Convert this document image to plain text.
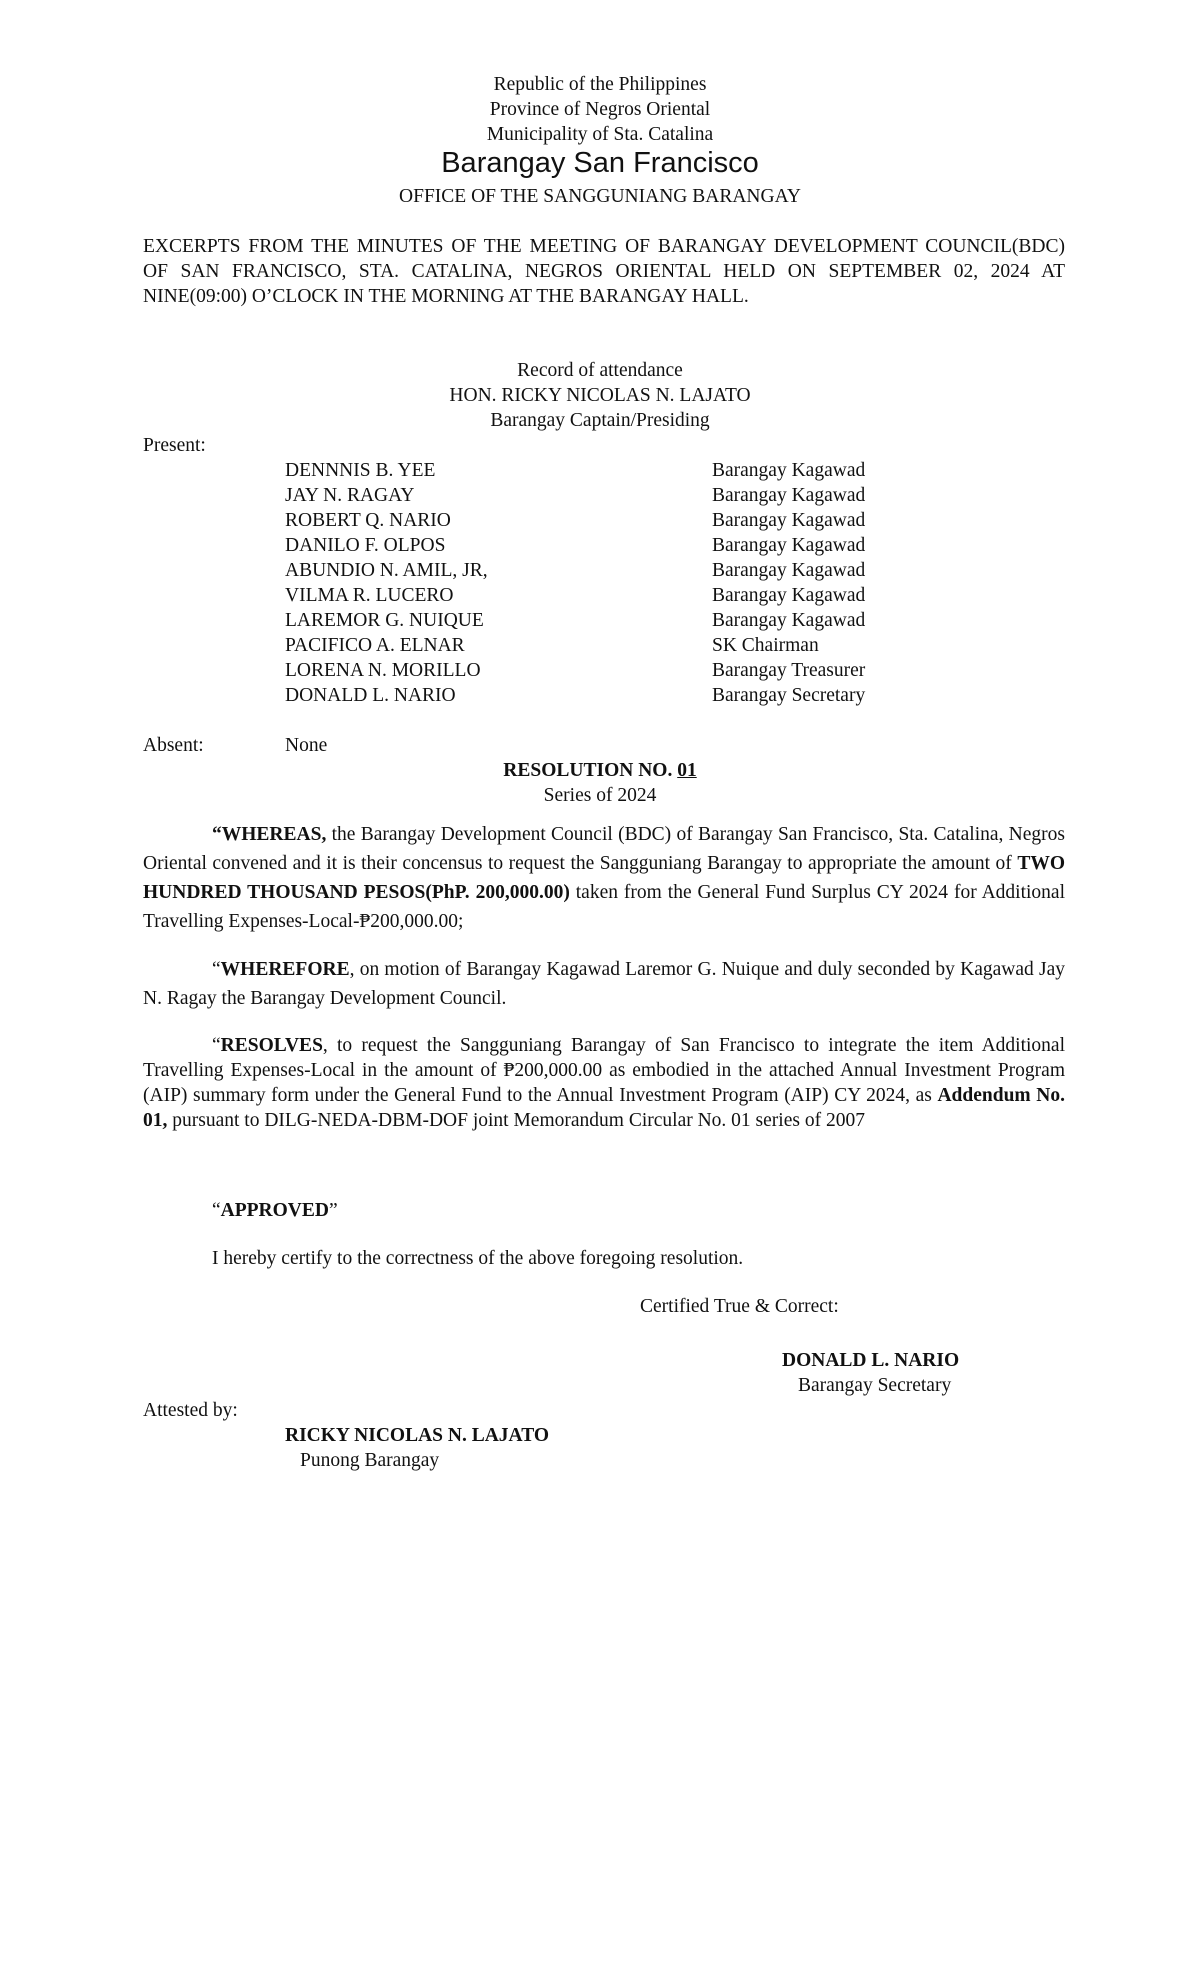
Republic of the Philippines
Province of Negros Oriental
Municipality of Sta. Catalina
Barangay San Francisco
OFFICE OF THE SANGGUNIANG BARANGAY
EXCERPTS FROM THE MINUTES OF THE MEETING OF BARANGAY DEVELOPMENT COUNCIL(BDC) OF SAN FRANCISCO, STA. CATALINA, NEGROS ORIENTAL HELD ON SEPTEMBER 02, 2024 AT NINE(09:00) O’CLOCK IN THE MORNING AT THE BARANGAY HALL.
Record of attendance
HON. RICKY NICOLAS N. LAJATO
Barangay Captain/Presiding
Present:
DENNNIS B. YEE	Barangay Kagawad
JAY N. RAGAY	Barangay Kagawad
ROBERT Q. NARIO	Barangay Kagawad
DANILO F. OLPOS	Barangay Kagawad
ABUNDIO N. AMIL, JR,	Barangay Kagawad
VILMA R. LUCERO	Barangay Kagawad
LAREMOR G. NUIQUE	Barangay Kagawad
PACIFICO A. ELNAR	SK Chairman
LORENA N. MORILLO	Barangay Treasurer
DONALD L. NARIO	Barangay Secretary
Absent:	None
RESOLUTION NO. 01
Series of 2024
“WHEREAS, the Barangay Development Council (BDC) of Barangay San Francisco, Sta. Catalina, Negros Oriental convened and it is their concensus to request the Sangguniang Barangay to appropriate the amount of TWO HUNDRED THOUSAND PESOS(PhP. 200,000.00) taken from the General Fund Surplus CY 2024 for Additional Travelling Expenses-Local-₱200,000.00;
“WHEREFORE, on motion of Barangay Kagawad Laremor G. Nuique and duly seconded by Kagawad Jay N. Ragay the Barangay Development Council.
“RESOLVES, to request the Sangguniang Barangay of San Francisco to integrate the item Additional Travelling Expenses-Local in the amount of ₱200,000.00 as embodied in the attached Annual Investment Program (AIP) summary form under the General Fund to the Annual Investment Program (AIP) CY 2024, as Addendum No. 01, pursuant to DILG-NEDA-DBM-DOF joint Memorandum Circular No. 01 series of 2007
“APPROVED”
I hereby certify to the correctness of the above foregoing resolution.
Certified True & Correct:
DONALD L. NARIO
Barangay Secretary
Attested by:
RICKY NICOLAS N. LAJATO
Punong Barangay
